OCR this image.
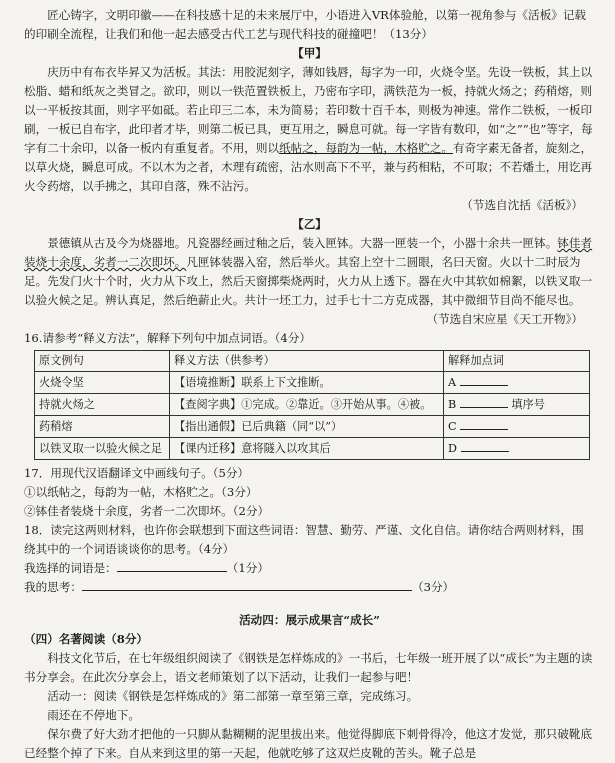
匠心铸字，文明印徽——在科技感十足的未来展厅中，小语进入VR体验舱，以第一视角参与《活板》记载的印刷全流程，让我们和他一起去感受古代工艺与现代科技的碰撞吧！（13分）

【甲】

庆历中有布衣毕昇又为活板。其法：用胶泥刻字，薄如钱唇，每字为一印，火烧令坚。先设一铁板，其上以松脂、蜡和纸灰之类冒之。欲印，则以一铁范置铁板上，乃密布字印，满铁范为一板，持就火炀之；药稍熔，则以一平板按其面，则字平如砥。若止印三二本，未为简易；若印数十百千本，则极为神速。常作二铁板，一板印刷，一板已自布字，此印者才毕，则第二板已具，更互用之，瞬息可就。每一字皆有数印，如“之”“也”等字，每字有二十余印，以备一板内有重复者。不用，则以纸帖之，每韵为一帖，木格贮之。有奇字素无备者，旋刻之，以草火烧，瞬息可成。不以木为之者，木理有疏密，沾水则高下不平，兼与药相粘，不可取；不若燔土，用讫再火令药熔，以手拂之，其印自落，殊不沾污。

（节选自沈括《活板》）

【乙】

景德镇从古及今为烧器地。凡瓷器经画过釉之后，装入匣钵。大器一匣装一个，小器十余共一匣钵。钵佳者装烧十余度，劣者一二次即坏。凡匣钵装器入窑，然后举火。其窑上空十二圆眼，名曰天窗。火以十二时辰为足。先发门火十个时，火力从下攻上，然后天窗掷柴烧两时，火力从上透下。器在火中其软如棉絮，以铁叉取一以验火候之足。辨认真足，然后绝薪止火。共计一坯工力，过手七十二方克成器，其中微细节目尚不能尽也。

（节选自宋应星《天工开物》）

16.请参考“释义方法”，解释下列句中加点词语。（4分）

原文例句	释义方法（供参考）	解释加点词
火烧令坚	【语境推断】联系上下文推断。	A
持就火炀之	【查阅字典】①完成。②靠近。③开始从事。④被。	B 填序号
药稍熔	【指出通假】已后典籍（同“以”）	C
以铁叉取一以验火候之足	【课内迁移】意将隧入以攻其后	D

17．用现代汉语翻译文中画线句子。（5分）

①以纸帖之，每韵为一帖，木格贮之。（3分）

②钵佳者装烧十余度，劣者一二次即坏。（2分）

18．读完这两则材料，也许你会联想到下面这些词语：智慧、勤劳、严谨、文化自信。请你结合两则材料，围绕其中的一个词语谈谈你的思考。（4分）

我选择的词语是：	（1分）

我的思考：	（3分）

活动四：展示成果言“成长”

（四）名著阅读（8分）

科技文化节后，在七年级组织阅读了《钢铁是怎样炼成的》一书后，七年级一班开展了以“成长”为主题的读书分享会。在此次分享会上，语文老师策划了以下活动，让我们一起参与吧！

活动一：阅读《钢铁是怎样炼成的》第二部第一章至第三章，完成练习。

雨还在不停地下。

保尔费了好大劲才把他的一只脚从黏糊糊的泥里拔出来。他觉得脚底下刺骨得冷，他这才发觉，那只破靴底已经整个掉了下来。自从来到这里的第一天起，他就吃够了这双烂皮靴的苦头。靴子总是
